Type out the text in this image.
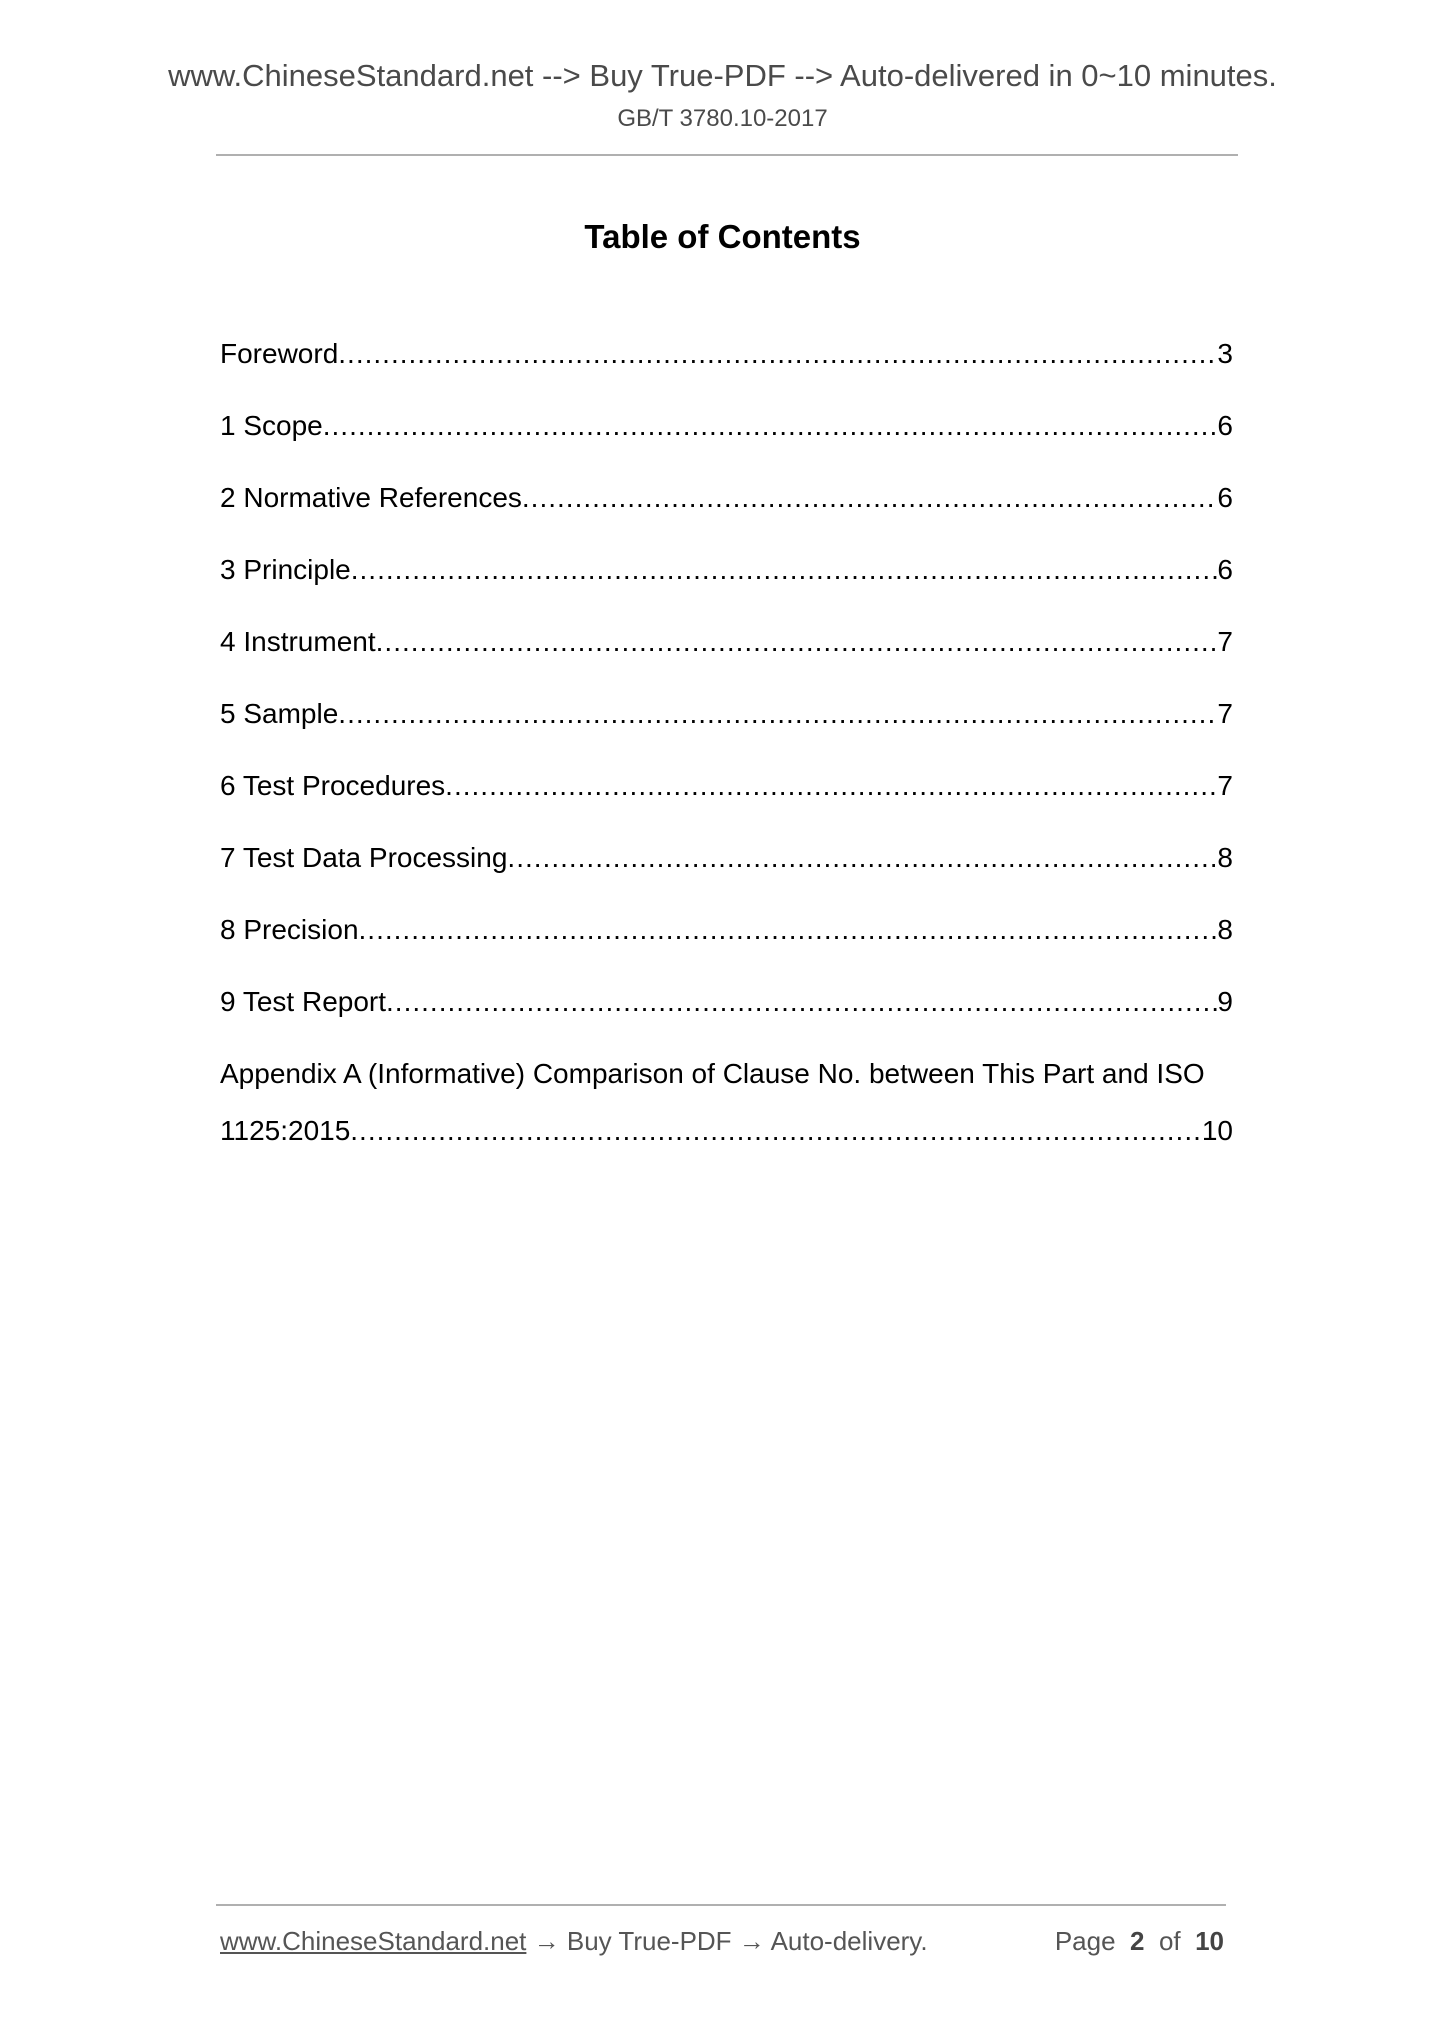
www.ChineseStandard.net --> Buy True-PDF --> Auto-delivered in 0~10 minutes.
GB/T 3780.10-2017
Table of Contents
Foreword .....	3
1 Scope .....	6
2 Normative References .....	6
3 Principle .....	6
4 Instrument .....	7
5 Sample .....	7
6 Test Procedures .....	7
7 Test Data Processing .....	8
8 Precision .....	8
9 Test Report .....	9
Appendix A (Informative) Comparison of Clause No. between This Part and ISO
1125:2015 .....	10
www.ChineseStandard.net → Buy True-PDF → Auto-delivery.	Page 2 of 10
